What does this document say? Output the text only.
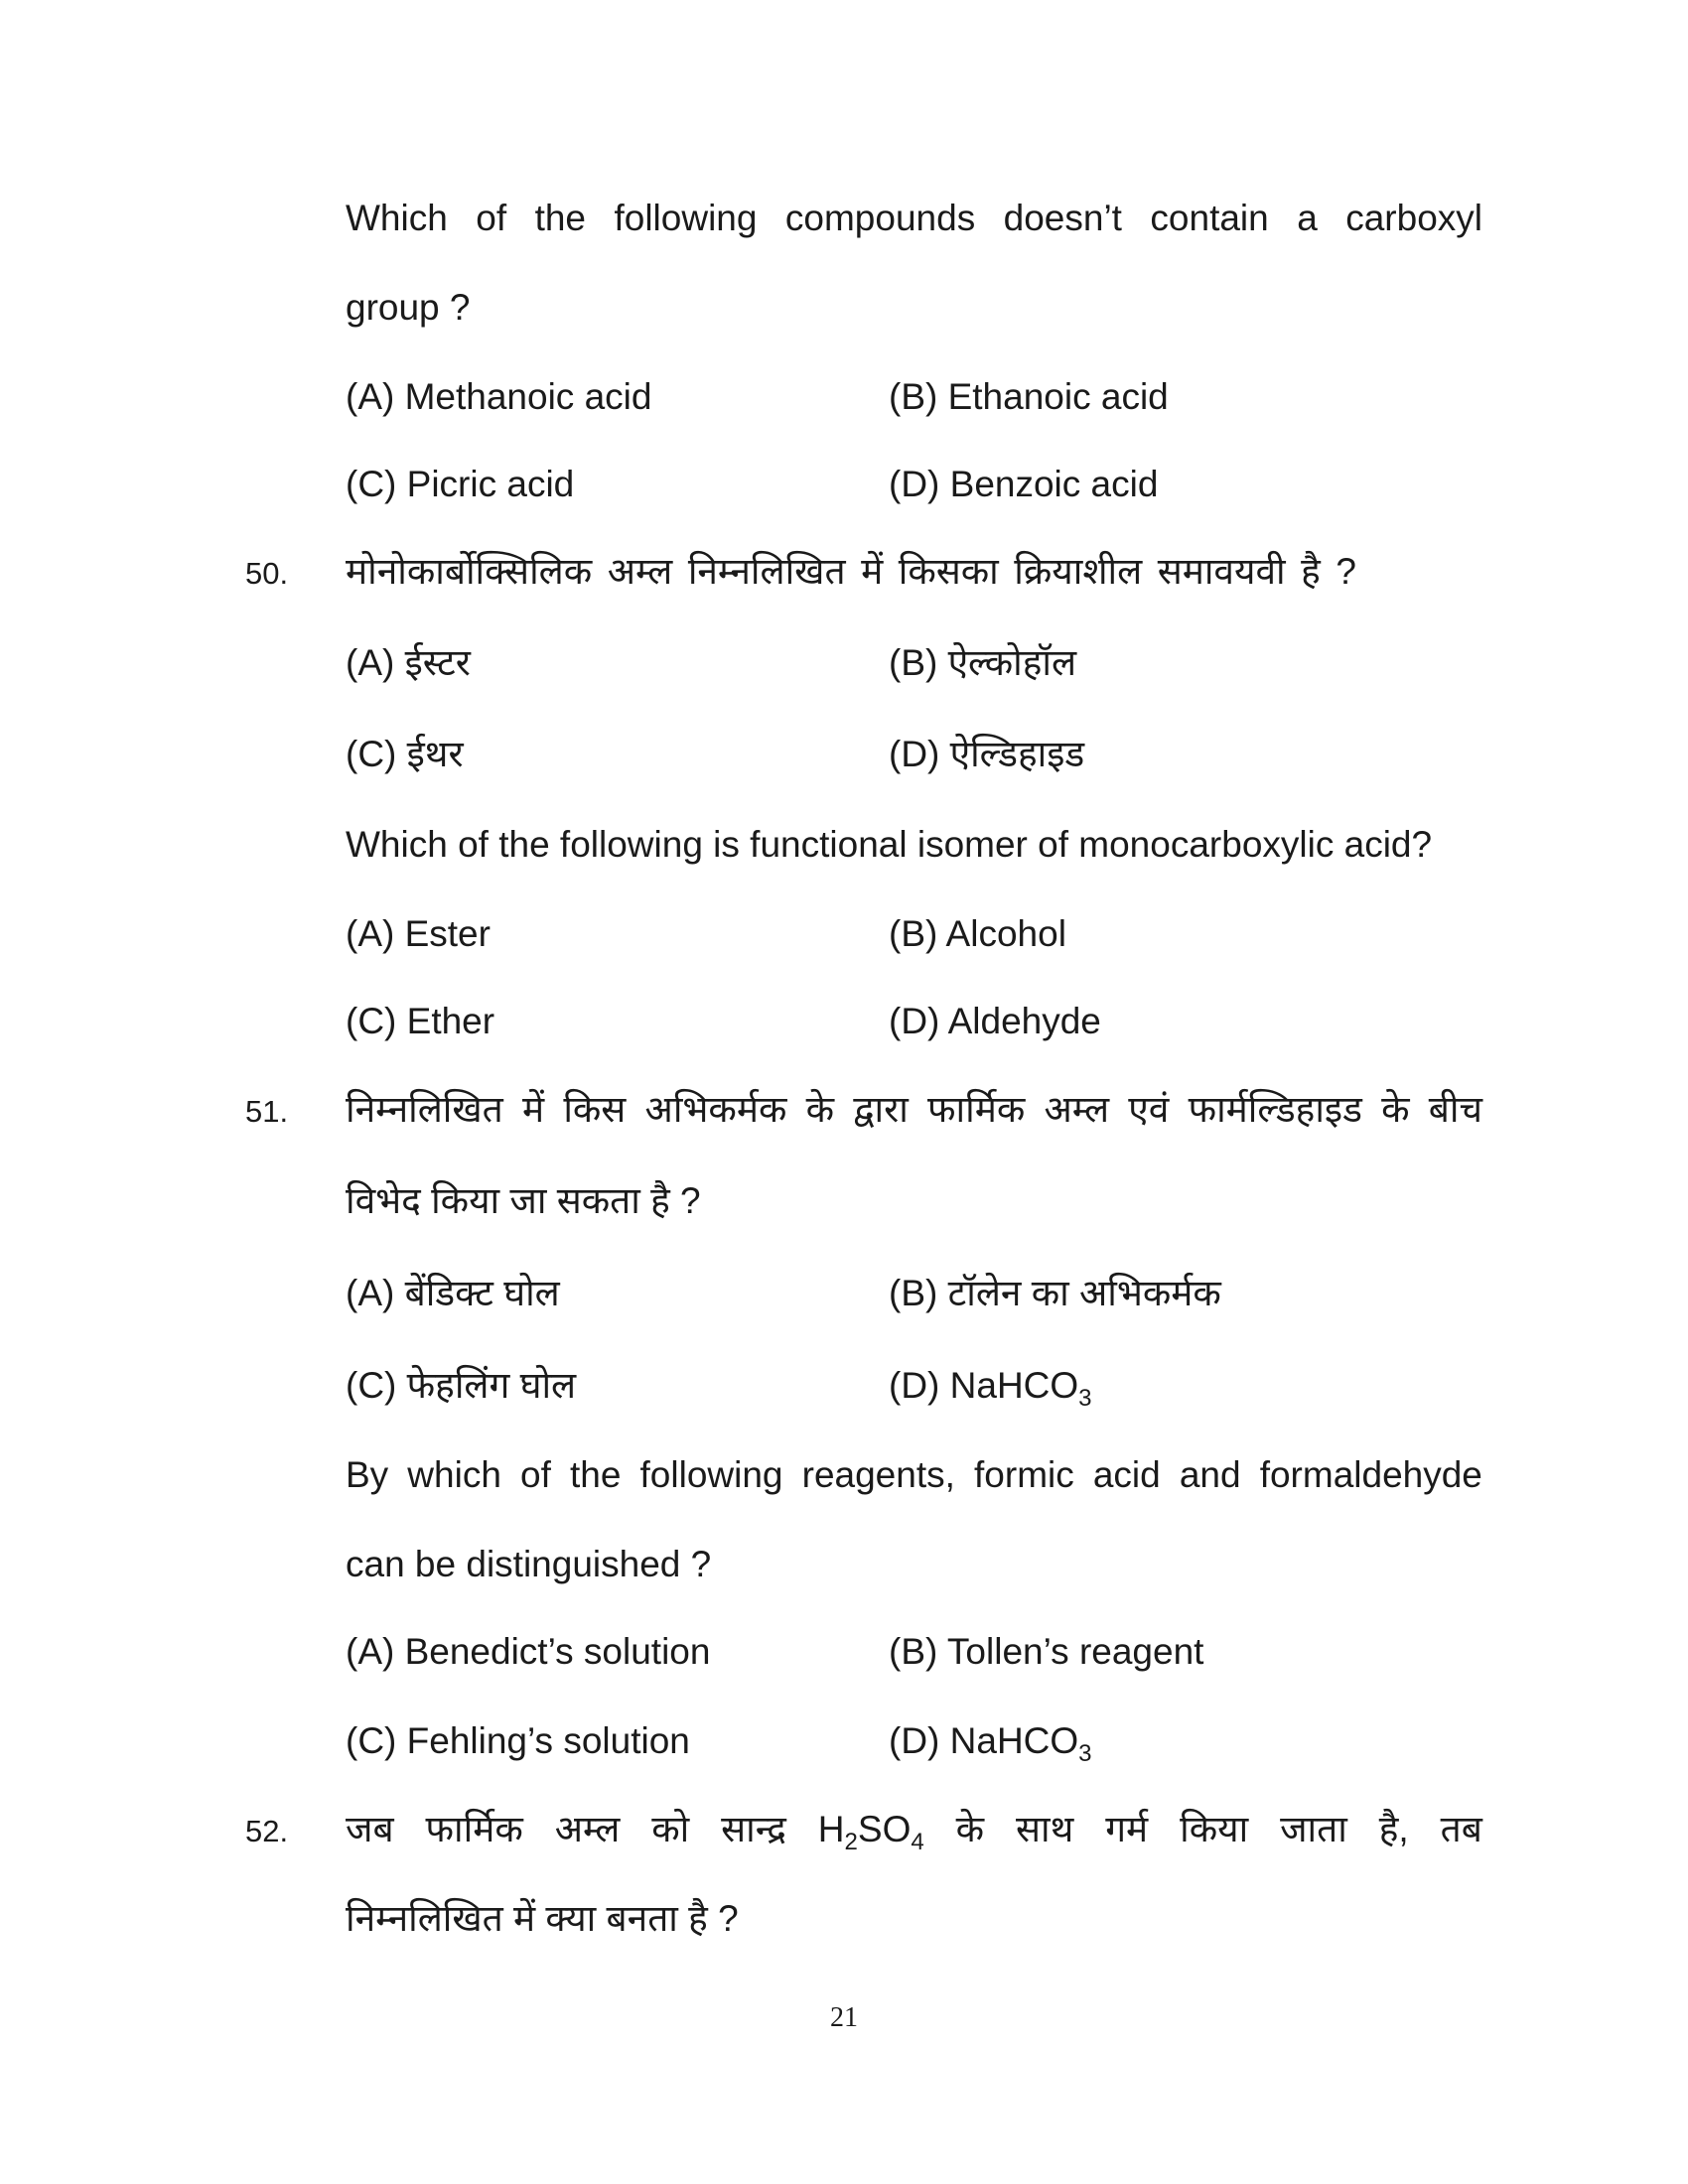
Which of the following compounds doesn’t contain a carboxyl
group ?
(A) Methanoic acid	(B) Ethanoic acid
(C) Picric acid	(D) Benzoic acid
50. मोनोकार्बोक्सिलिक अम्ल निम्नलिखित में किसका क्रियाशील समावयवी है ?
(A) ईस्टर	(B) ऐल्कोहॉल
(C) ईथर	(D) ऐल्डिहाइड
Which of the following is functional isomer of monocarboxylic acid?
(A) Ester	(B) Alcohol
(C) Ether	(D) Aldehyde
51. निम्नलिखित में किस अभिकर्मक के द्वारा फार्मिक अम्ल एवं फार्मल्डिहाइड के बीच
विभेद किया जा सकता है ?
(A) बेंडिक्ट घोल	(B) टॉलेन का अभिकर्मक
(C) फेहलिंग घोल	(D) NaHCO$_3$
By which of the following reagents, formic acid and formaldehyde
can be distinguished ?
(A) Benedict’s solution	(B) Tollen’s reagent
(C) Fehling’s solution	(D) NaHCO$_3$
52. जब फार्मिक अम्ल को सान्द्र $H_2SO_4$ के साथ गर्म किया जाता है, तब
निम्नलिखित में क्या बनता है ?
21
